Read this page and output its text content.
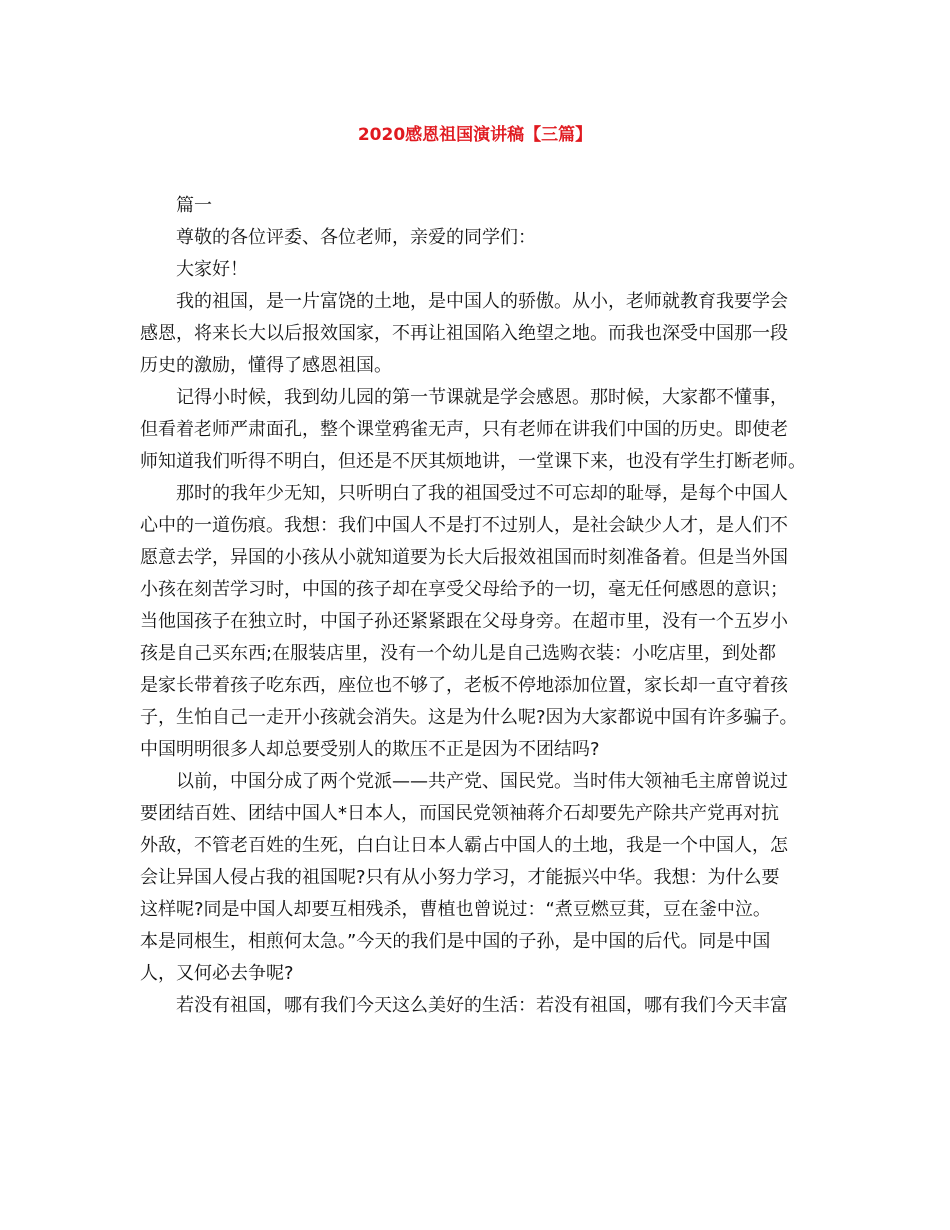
2020感恩祖国演讲稿【三篇】
篇一
尊敬的各位评委、各位老师，亲爱的同学们：
大家好！
我的祖国，是一片富饶的土地，是中国人的骄傲。从小，老师就教育我要学会
感恩，将来长大以后报效国家，不再让祖国陷入绝望之地。而我也深受中国那一段
历史的激励，懂得了感恩祖国。
记得小时候，我到幼儿园的第一节课就是学会感恩。那时候，大家都不懂事，
但看着老师严肃面孔，整个课堂鸦雀无声，只有老师在讲我们中国的历史。即使老
师知道我们听得不明白，但还是不厌其烦地讲，一堂课下来，也没有学生打断老师。
那时的我年少无知，只听明白了我的祖国受过不可忘却的耻辱，是每个中国人
心中的一道伤痕。我想：我们中国人不是打不过别人，是社会缺少人才，是人们不
愿意去学，异国的小孩从小就知道要为长大后报效祖国而时刻准备着。但是当外国
小孩在刻苦学习时，中国的孩子却在享受父母给予的一切，毫无任何感恩的意识；
当他国孩子在独立时，中国子孙还紧紧跟在父母身旁。在超市里，没有一个五岁小
孩是自己买东西;在服装店里，没有一个幼儿是自己选购衣装：小吃店里，到处都
是家长带着孩子吃东西，座位也不够了，老板不停地添加位置，家长却一直守着孩
子，生怕自己一走开小孩就会消失。这是为什么呢?因为大家都说中国有许多骗子。
中国明明很多人却总要受别人的欺压不正是因为不团结吗?
以前，中国分成了两个党派——共产党、国民党。当时伟大领袖毛主席曾说过
要团结百姓、团结中国人*日本人，而国民党领袖蒋介石却要先产除共产党再对抗
外敌，不管老百姓的生死，白白让日本人霸占中国人的土地，我是一个中国人，怎
会让异国人侵占我的祖国呢?只有从小努力学习，才能振兴中华。我想：为什么要
这样呢?同是中国人却要互相残杀，曹植也曾说过：“煮豆燃豆萁，豆在釜中泣。
本是同根生，相煎何太急。”今天的我们是中国的子孙，是中国的后代。同是中国
人，又何必去争呢?
若没有祖国，哪有我们今天这么美好的生活：若没有祖国，哪有我们今天丰富
